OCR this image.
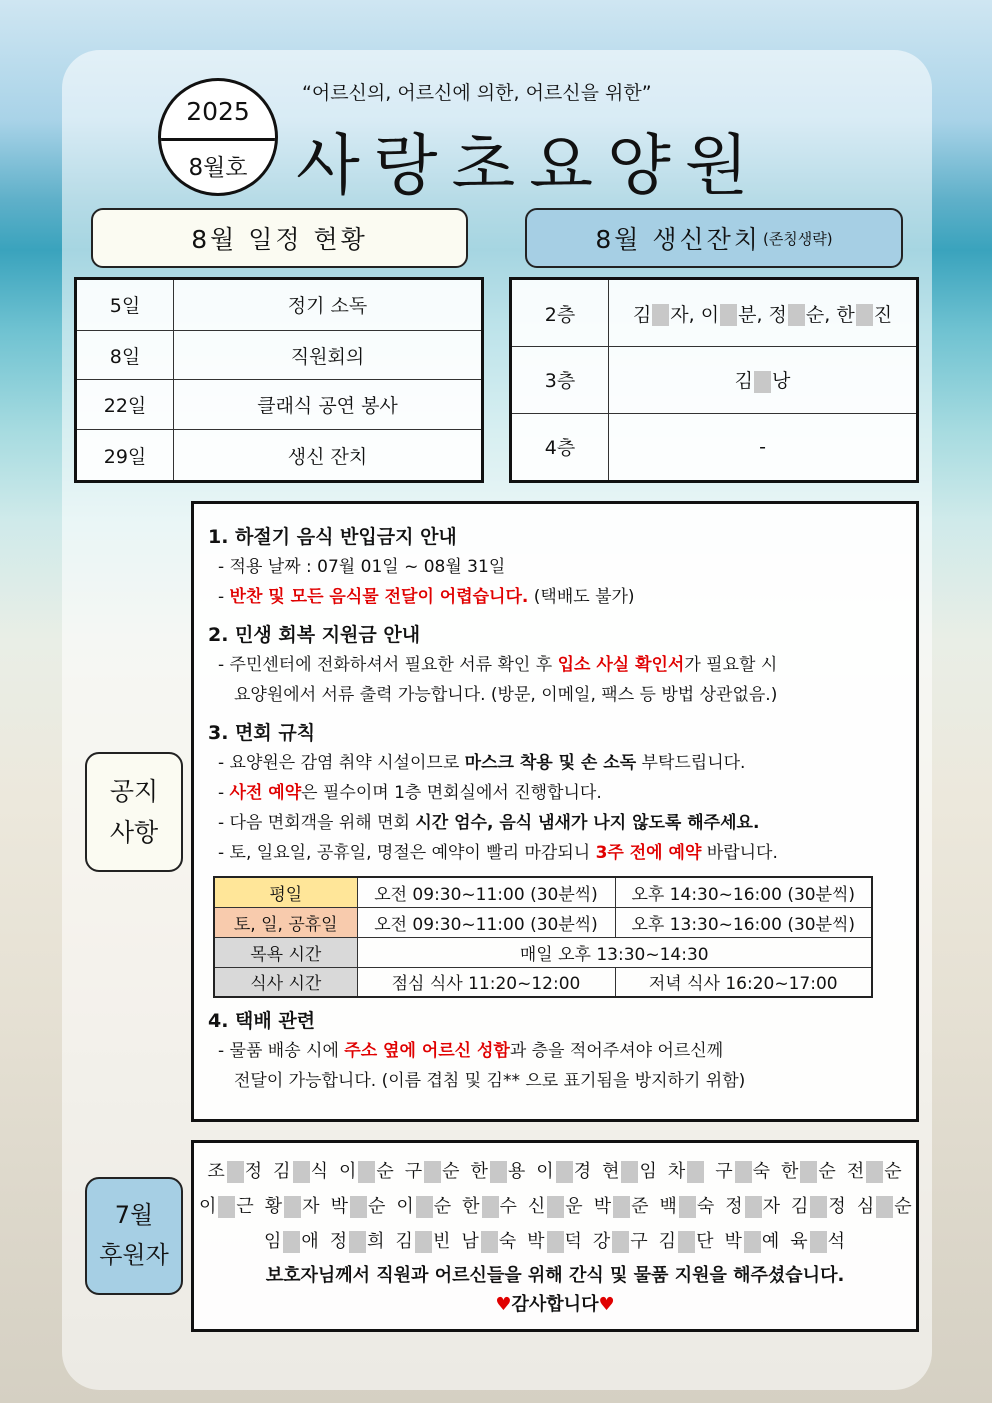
2025
8월호
“어르신의, 어르신에 의한, 어르신을 위한”
사랑초요양원
8월 일정 현황	8월 생신잔치 (존칭생략)
5일	정기 소독
8일	직원회의
22일	클래식 공연 봉사
29일	생신 잔치
2층	김 자, 이 분, 정 순, 한 진
3층	김 낭
4층	-
공지
사항
1. 하절기 음식 반입금지 안내
- 적용 날짜 : 07월 01일 ~ 08월 31일
- 반찬 및 모든 음식물 전달이 어렵습니다. (택배도 불가)
2. 민생 회복 지원금 안내
- 주민센터에 전화하셔서 필요한 서류 확인 후 입소 사실 확인서가 필요할 시
요양원에서 서류 출력 가능합니다. (방문, 이메일, 팩스 등 방법 상관없음.)
3. 면회 규칙
- 요양원은 감염 취약 시설이므로 마스크 착용 및 손 소독 부탁드립니다.
- 사전 예약은 필수이며 1층 면회실에서 진행합니다.
- 다음 면회객을 위해 면회 시간 엄수, 음식 냄새가 나지 않도록 해주세요.
- 토, 일요일, 공휴일, 명절은 예약이 빨리 마감되니 3주 전에 예약 바랍니다.
평일	오전 09:30~11:00 (30분씩)	오후 14:30~16:00 (30분씩)
토, 일, 공휴일	오전 09:30~11:00 (30분씩)	오후 13:30~16:00 (30분씩)
목욕 시간	매일 오후 13:30~14:30	
식사 시간	점심 식사 11:20~12:00	저녁 식사 16:20~17:00
4. 택배 관련
- 물품 배송 시에 주소 옆에 어르신 성함과 층을 적어주셔야 어르신께
전달이 가능합니다. (이름 겹침 및 김** 으로 표기됨을 방지하기 위함)
7월
후원자
조 정 김 식 이 순 구 순 한 용 이 경 현 임 차 구 숙 한 순 전 순
이 근 황 자 박 순 이 순 한 수 신 운 박 준 백 숙 정 자 김 정 심 순
임 애 정 희 김 빈 남 숙 박 덕 강 구 김 단 박 예 육 석
보호자님께서 직원과 어르신들을 위해 간식 및 물품 지원을 해주셨습니다.
♥감사합니다♥
